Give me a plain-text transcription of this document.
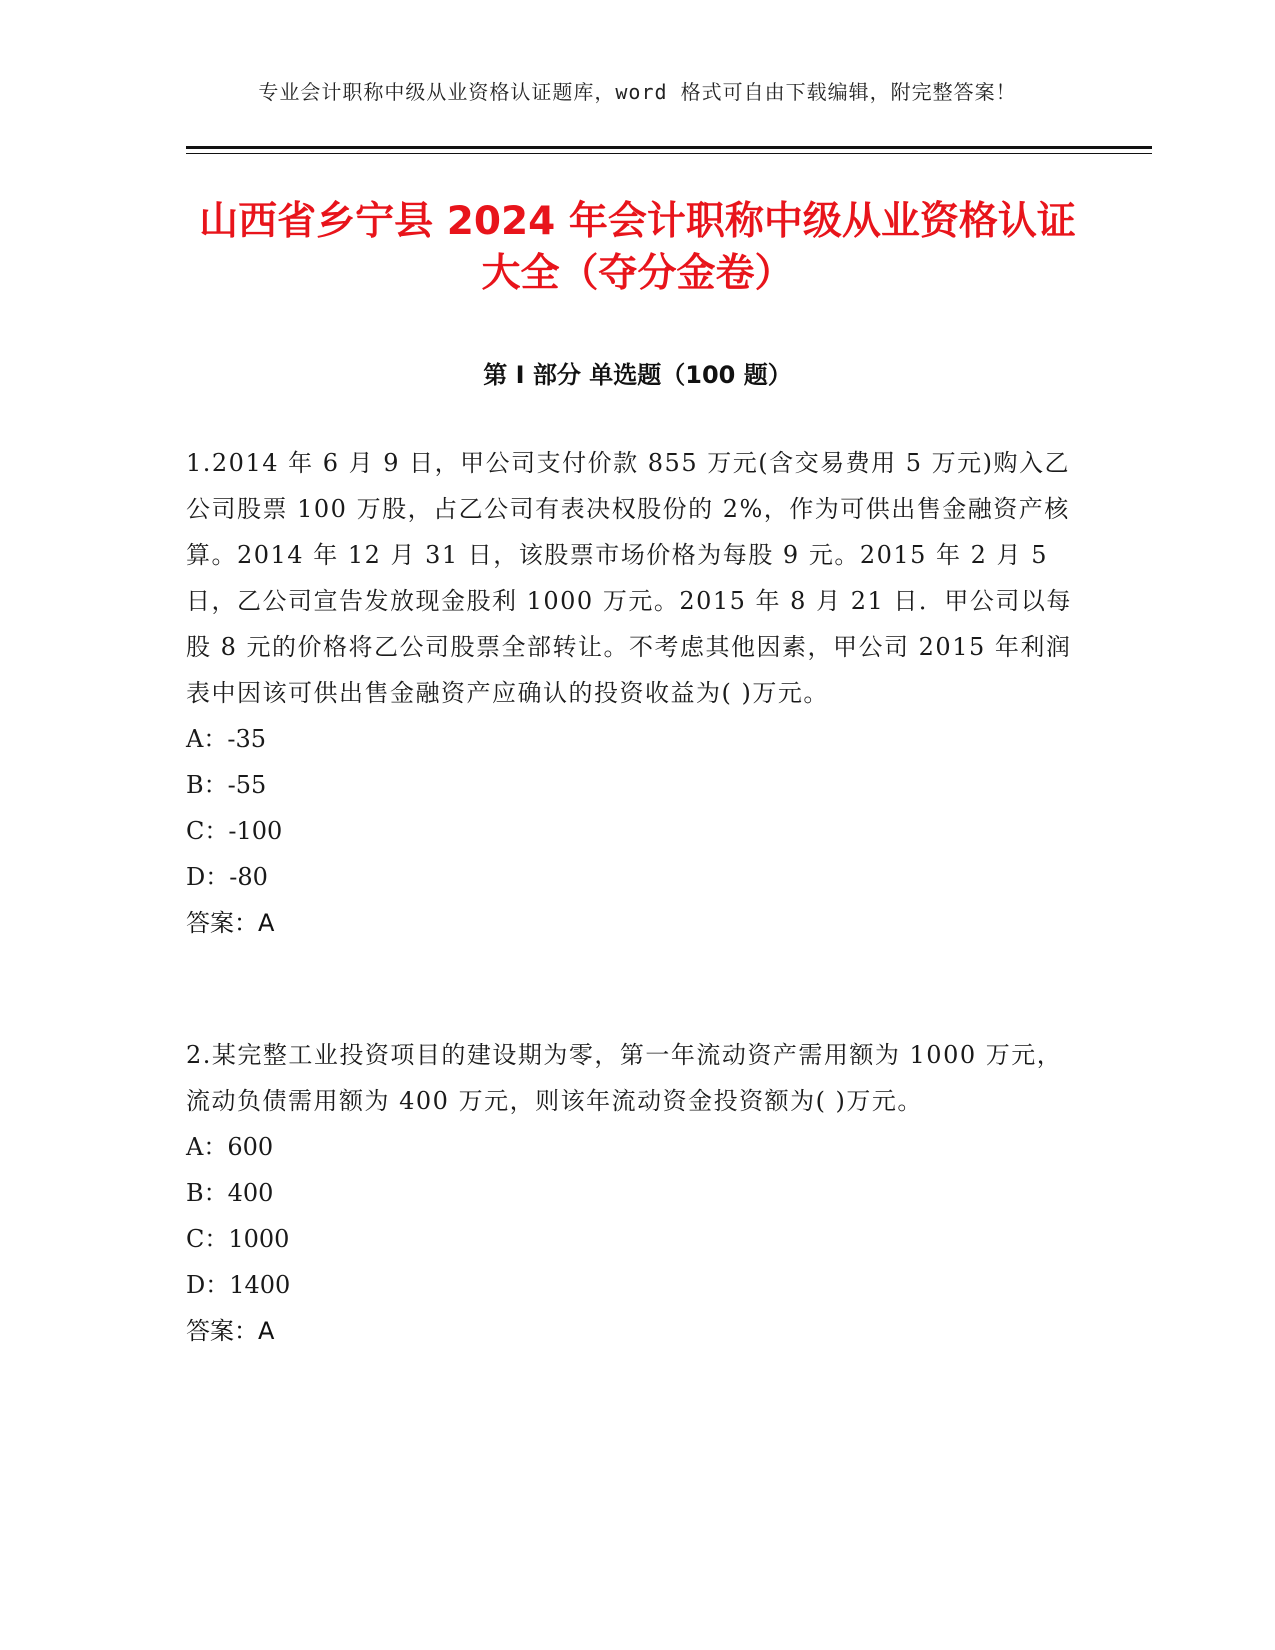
专业会计职称中级从业资格认证题库，word 格式可自由下载编辑，附完整答案！
山西省乡宁县 2024 年会计职称中级从业资格认证大全（夺分金卷）
第 I 部分 单选题（100 题）

1.2014 年 6 月 9 日，甲公司支付价款 855 万元(含交易费用 5 万元)购入乙公司股票 100 万股，占乙公司有表决权股份的 2%，作为可供出售金融资产核算。2014 年 12 月 31 日，该股票市场价格为每股 9 元。2015 年 2 月 5 日，乙公司宣告发放现金股利 1000 万元。2015 年 8 月 21 日．甲公司以每股 8 元的价格将乙公司股票全部转让。不考虑其他因素，甲公司 2015 年利润表中因该可供出售金融资产应确认的投资收益为( )万元。

A：-35

B：-55

C：-100

D：-80

答案：A

2.某完整工业投资项目的建设期为零，第一年流动资产需用额为 1000 万元，流动负债需用额为 400 万元，则该年流动资金投资额为( )万元。

A：600

B：400

C：1000

D：1400

答案：A
